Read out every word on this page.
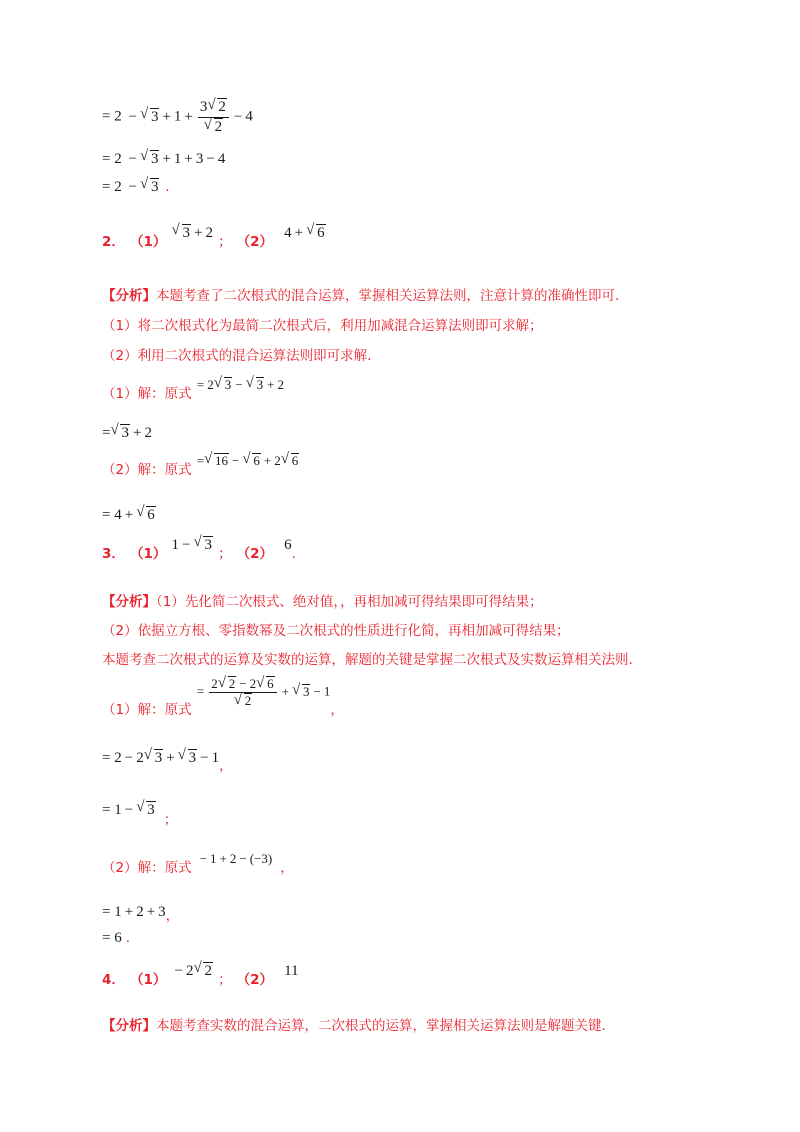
= 2 − √ 3 + 1 + 3 √ 2
√ 2 − 4
= 2 − √ 3 + 1 + 3 − 4
= 2 − √ 3 .
2． （1） √ 3 + 2 ； （2） 4 + √ 6
【分析】本题考查了二次根式的混合运算，掌握相关运算法则，注意计算的准确性即可.
（1）将二次根式化为最简二次根式后，利用加减混合运算法则即可求解；
（2）利用二次根式的混合运算法则即可求解.
（1）解：原式 $^{= 2 √ 3 - √ 3 + 2}$
= √ 3 + 2
（2）解：原式 $^{= √ 16 - √ 6 + 2 √ 6}$
= 4 + √ 6
3． （1） 1 − √ 3 ； （2） 6.
【分析】（1）先化简二次根式、绝对值，，再相加减可得结果即可得结果；
（2）依据立方根、零指数幂及二次根式的性质进行化简，再相加减可得结果；
本题考查二次根式的运算及实数的运算，解题的关键是掌握二次根式及实数运算相关法则.
$_{(1)解:原式}$ = 2 √ 2 − 2 √ 6
√ 2 + √ $3 - 1_,$
= 2 − 2 √ 3 + √ 3 − 1，
= 1 − √ 3；
（2）解：原式 $^{- 1 + 2 - (-3)}$，
= 1 + 2 + 3，
= 6 .
4． （1） − 2 √ 2 ； （2） 11
【分析】本题考查实数的混合运算，二次根式的运算，掌握相关运算法则是解题关键.
